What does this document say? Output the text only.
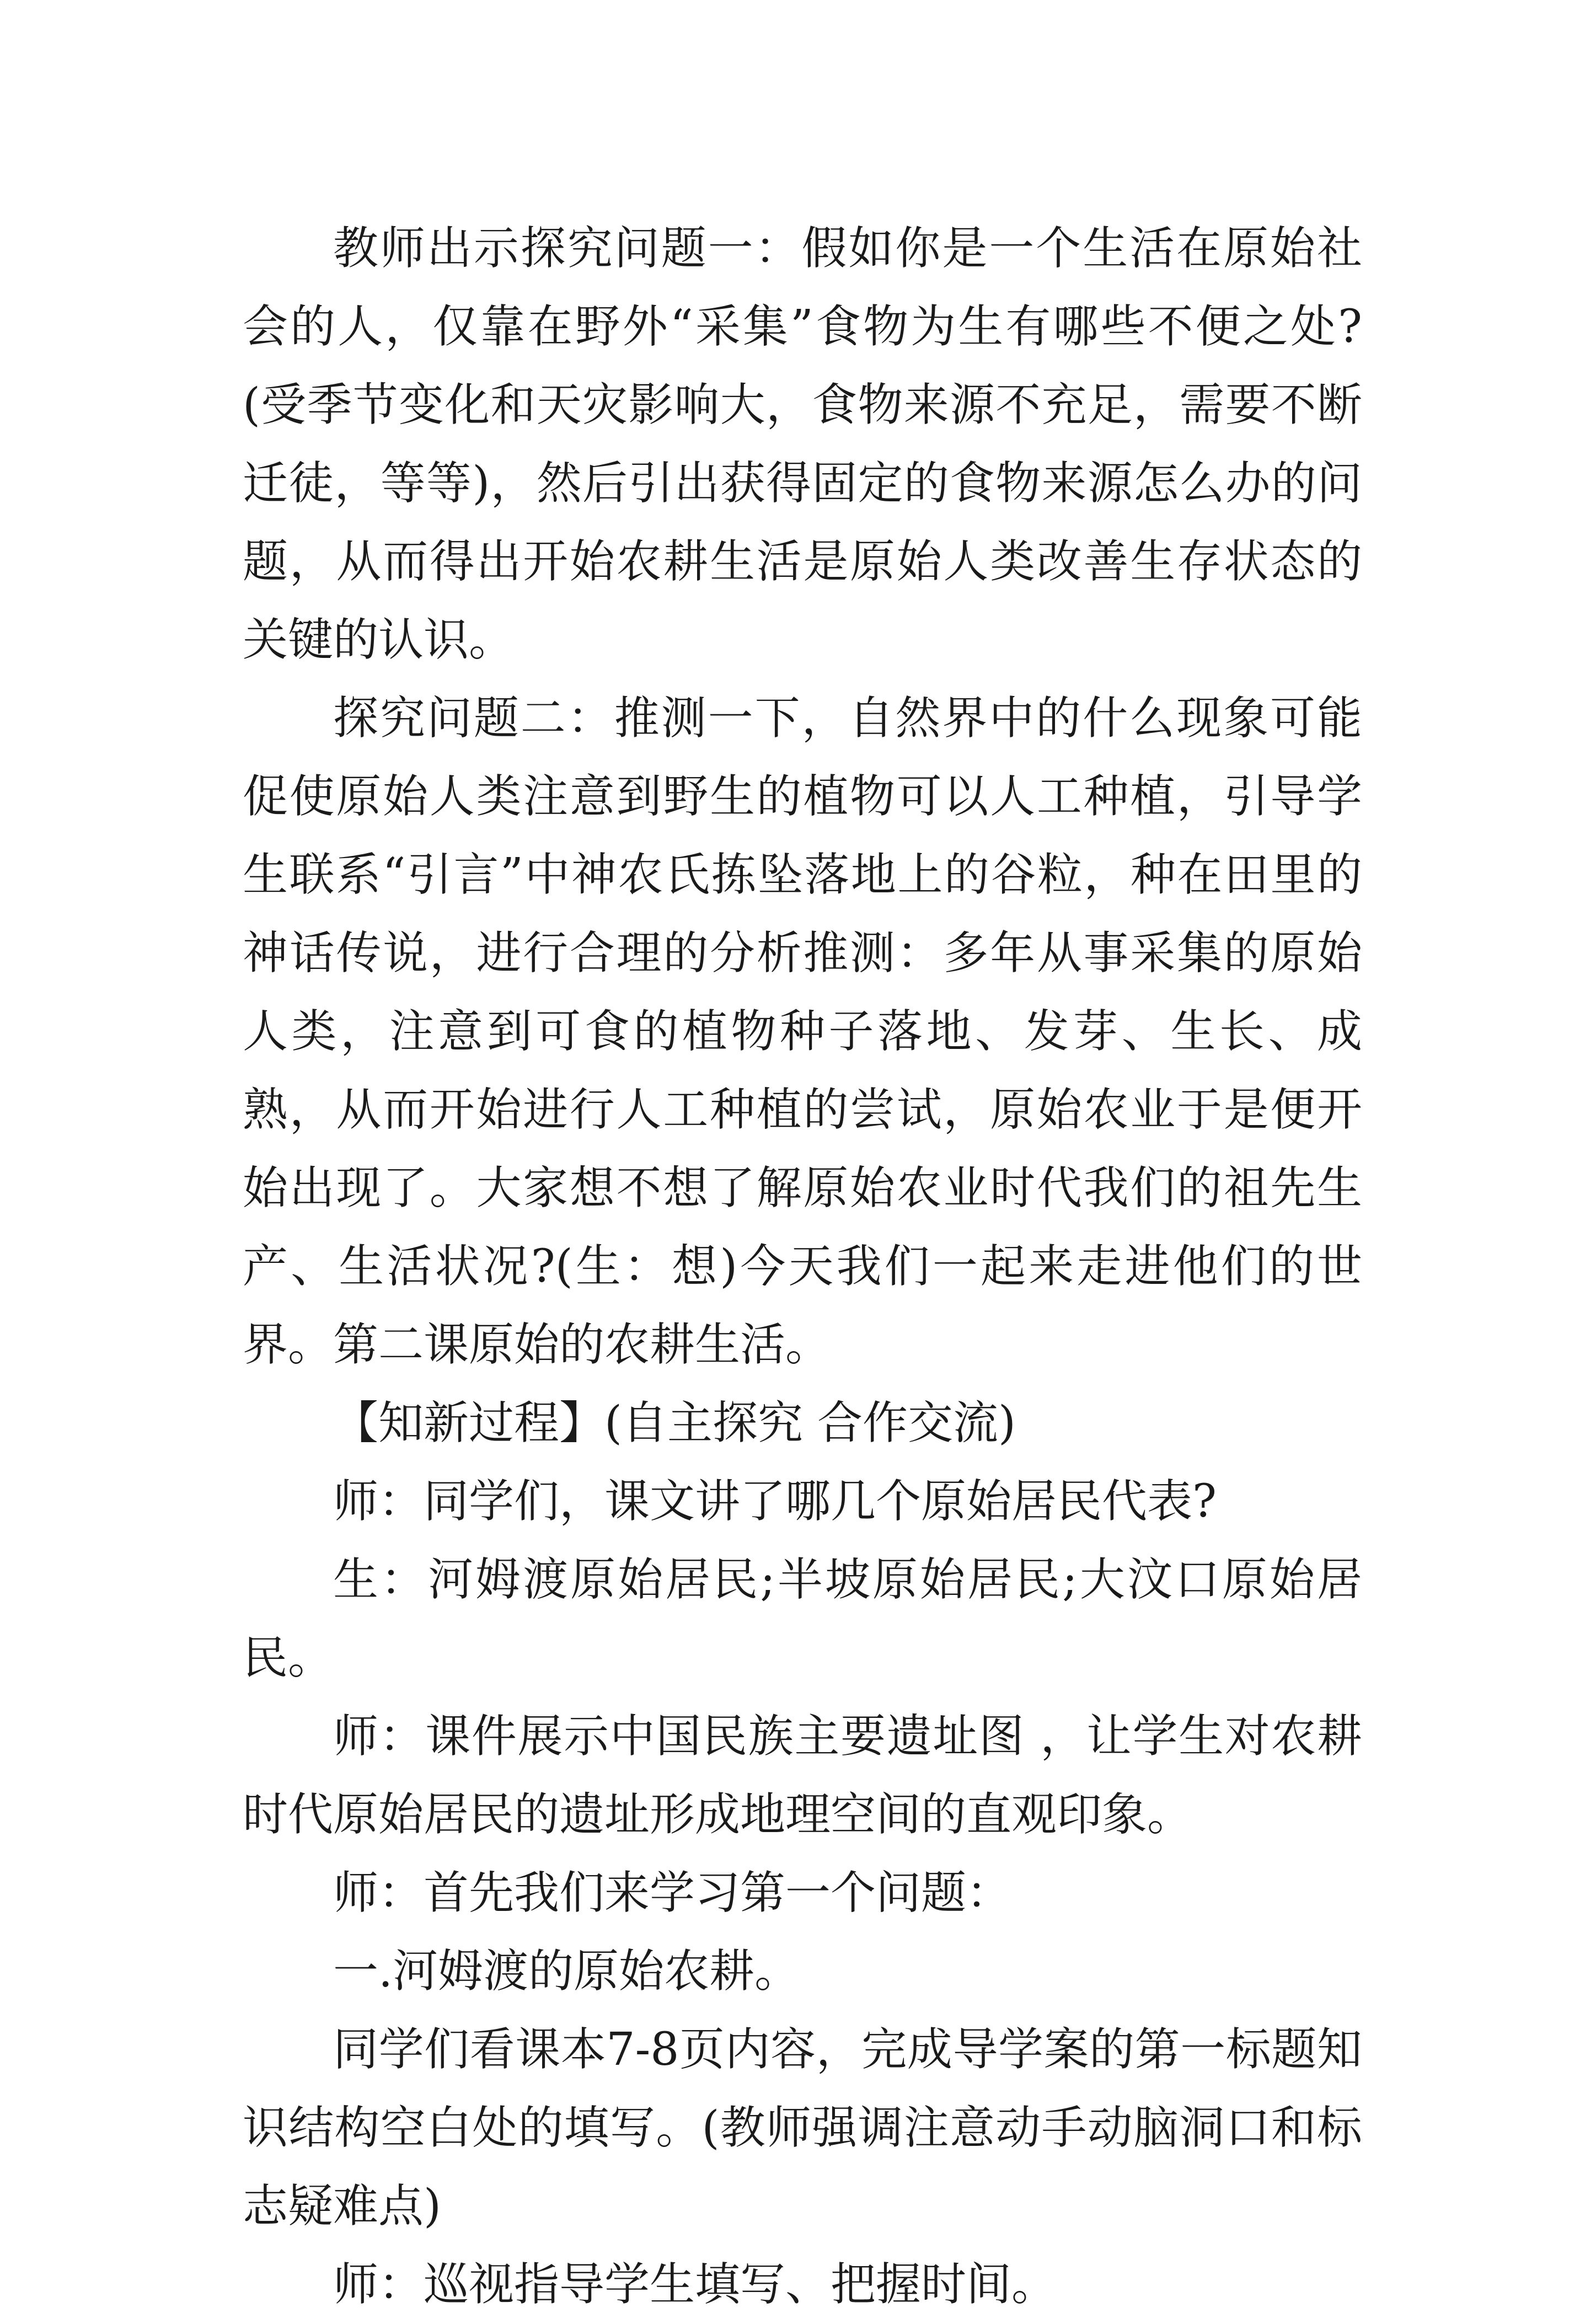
教师出示探究问题一：假如你是一个生活在原始社会的人，仅靠在野外“采集”食物为生有哪些不便之处?(受季节变化和天灾影响大，食物来源不充足，需要不断迁徒，等等)，然后引出获得固定的食物来源怎么办的问题，从而得出开始农耕生活是原始人类改善生存状态的关键的认识。

探究问题二：推测一下，自然界中的什么现象可能促使原始人类注意到野生的植物可以人工种植，引导学生联系“引言”中神农氏拣坠落地上的谷粒，种在田里的神话传说，进行合理的分析推测：多年从事采集的原始人类，注意到可食的植物种子落地、发芽、生长、成熟，从而开始进行人工种植的尝试，原始农业于是便开始出现了。大家想不想了解原始农业时代我们的祖先生产、生活状况?(生：想)今天我们一起来走进他们的世界。第二课原始的农耕生活。

【知新过程】(自主探究 合作交流)

师：同学们，课文讲了哪几个原始居民代表?

生：河姆渡原始居民;半坡原始居民;大汶口原始居民。

师：课件展示中国民族主要遗址图 ，让学生对农耕时代原始居民的遗址形成地理空间的直观印象。

师：首先我们来学习第一个问题：

一.河姆渡的原始农耕。

同学们看课本7-8页内容，完成导学案的第一标题知识结构空白处的填写。(教师强调注意动手动脑洞口和标志疑难点)

师：巡视指导学生填写、把握时间。
